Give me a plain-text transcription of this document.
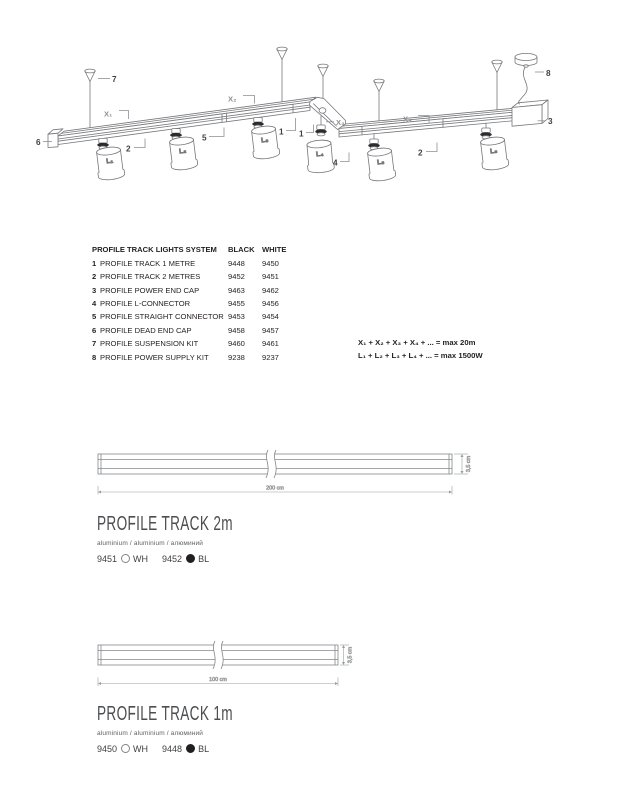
L₁
L₂
L₃
L₄
L₅
L₆
7
6
X₁
2
5
X₂
1 1
X₃
4
X₄
2
3
8
PROFILE TRACK LIGHTS SYSTEM	BLACK WHITE
1 PROFILE TRACK 1 METRE	9448	9450
2 PROFILE TRACK 2 METRES	9452	9451
3 PROFILE POWER END CAP	9463	9462
4 PROFILE L-CONNECTOR	9455	9456
5 PROFILE STRAIGHT CONNECTOR 9453	9454
6 PROFILE DEAD END CAP	9458	9457
7 PROFILE SUSPENSION KIT	9460	9461
8 PROFILE POWER SUPPLY KIT	9238	9237
X₁ + X₂ + X₃ + X₄ + ... = max 20m
L₁ + L₂ + L₃ + L₄ + ... = max 1500W
3,5 cm
200 cm
PROFILE TRACK 2m
aluminium / aluminium / алюминий
9451 WH 9452 BL
3,5 cm
100 cm
PROFILE TRACK 1m
aluminium / aluminium / алюминий
9450 WH 9448 BL
